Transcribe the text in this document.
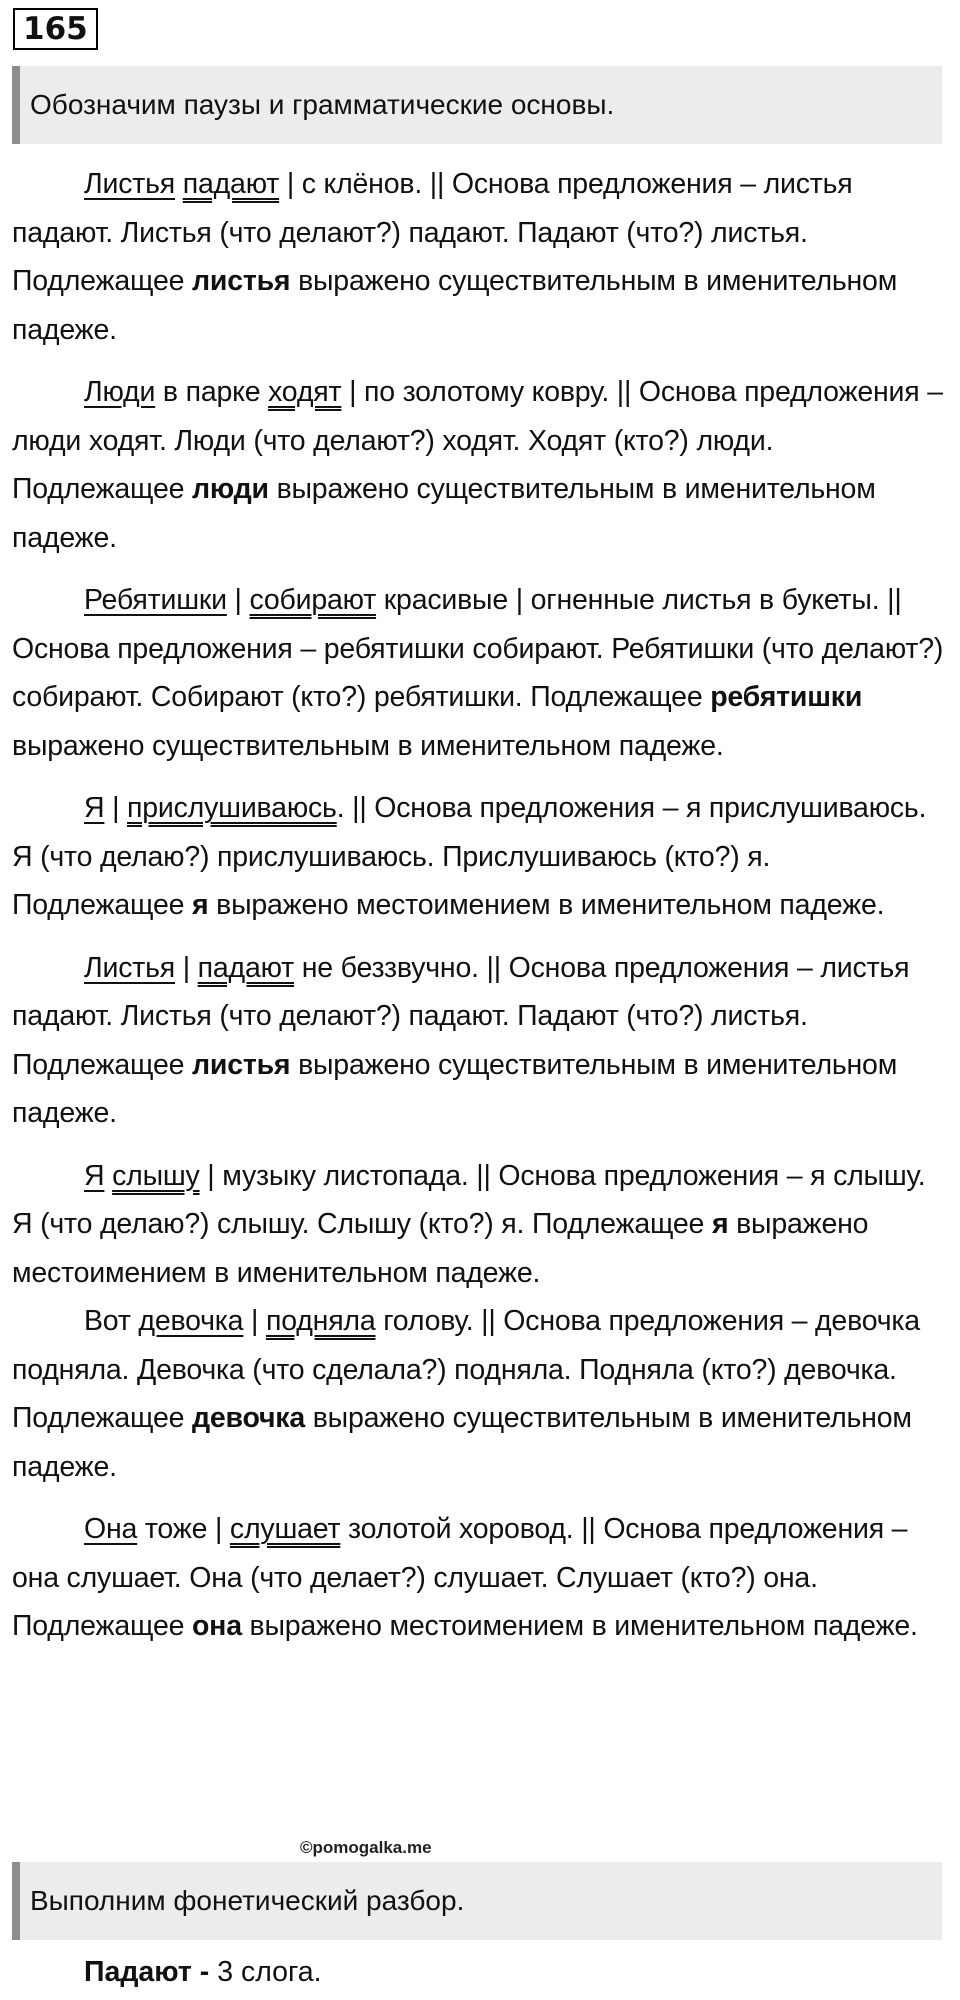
165
Обозначим паузы и грамматические основы.

Листья падают | с клёнов. || Основа предложения – листья падают. Листья (что делают?) падают. Падают (что?) листья. Подлежащее листья выражено существительным в именительном падеже.

Люди в парке ходят | по золотому ковру. || Основа предложения – люди ходят. Люди (что делают?) ходят. Ходят (кто?) люди. Подлежащее люди выражено существительным в именительном падеже.

Ребятишки | собирают красивые | огненные листья в букеты. || Основа предложения – ребятишки собирают. Ребятишки (что делают?) собирают. Собирают (кто?) ребятишки. Подлежащее ребятишки выражено существительным в именительном падеже.

Я | прислушиваюсь. || Основа предложения – я прислушиваюсь. Я (что делаю?) прислушиваюсь. Прислушиваюсь (кто?) я. Подлежащее я выражено местоимением в именительном падеже.

Листья | падают не беззвучно. || Основа предложения – листья падают. Листья (что делают?) падают. Падают (что?) листья. Подлежащее листья выражено существительным в именительном падеже.

Я слышу | музыку листопада. || Основа предложения – я слышу. Я (что делаю?) слышу. Слышу (кто?) я. Подлежащее я выражено местоимением в именительном падеже.

Вот девочка | подняла голову. || Основа предложения – девочка подняла. Девочка (что сделала?) подняла. Подняла (кто?) девочка. Подлежащее девочка выражено существительным в именительном падеже.

Она тоже | слушает золотой хоровод. || Основа предложения – она слушает. Она (что делает?) слушает. Слушает (кто?) она. Подлежащее она выражено местоимением в именительном падеже.

©pomogalka.me
Выполним фонетический разбор.
Падают - 3 слога.
